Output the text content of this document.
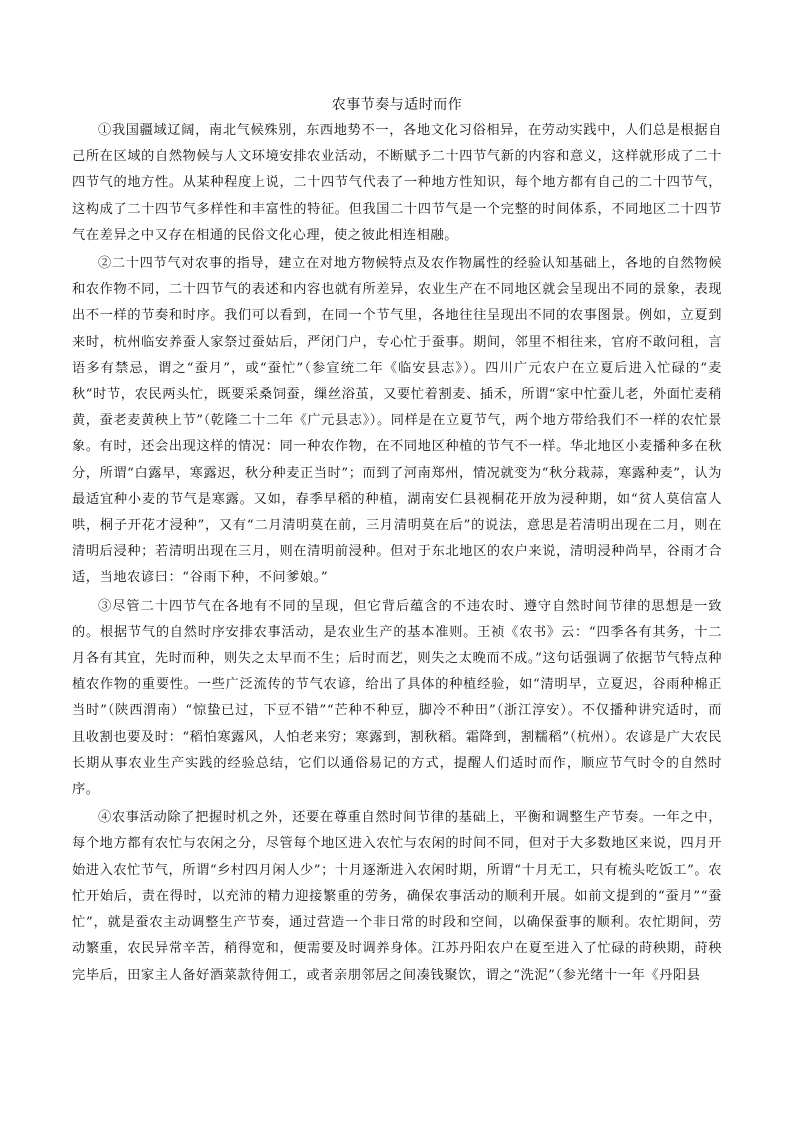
农事节奏与适时而作

①我国疆域辽阔，南北气候殊别，东西地势不一，各地文化习俗相异，在劳动实践中，人们总是根据自己所在区域的自然物候与人文环境安排农业活动，不断赋予二十四节气新的内容和意义，这样就形成了二十四节气的地方性。从某种程度上说，二十四节气代表了一种地方性知识，每个地方都有自己的二十四节气，这构成了二十四节气多样性和丰富性的特征。但我国二十四节气是一个完整的时间体系，不同地区二十四节气在差异之中又存在相通的民俗文化心理，使之彼此相连相融。

②二十四节气对农事的指导，建立在对地方物候特点及农作物属性的经验认知基础上，各地的自然物候和农作物不同，二十四节气的表述和内容也就有所差异，农业生产在不同地区就会呈现出不同的景象，表现出不一样的节奏和时序。我们可以看到，在同一个节气里，各地往往呈现出不同的农事图景。例如，立夏到来时，杭州临安养蚕人家祭过蚕姑后，严闭门户，专心忙于蚕事。期间，邻里不相往来，官府不敢问租，言语多有禁忌，谓之“蚕月”，或“蚕忙”（参宣统二年《临安县志》）。四川广元农户在立夏后进入忙碌的“麦秋”时节，农民两头忙，既要采桑饲蚕，缫丝浴茧，又要忙着割麦、插禾，所谓“家中忙蚕儿老，外面忙麦稍黄，蚕老麦黄秧上节”（乾隆二十二年《广元县志》）。同样是在立夏节气，两个地方带给我们不一样的农忙景象。有时，还会出现这样的情况：同一种农作物，在不同地区种植的节气不一样。华北地区小麦播种多在秋分，所谓“白露早，寒露迟，秋分种麦正当时”；而到了河南郑州，情况就变为“秋分栽蒜，寒露种麦”，认为最适宜种小麦的节气是寒露。又如，春季早稻的种植，湖南安仁县视桐花开放为浸种期，如“贫人莫信富人哄，桐子开花才浸种”，又有“二月清明莫在前，三月清明莫在后”的说法，意思是若清明出现在二月，则在清明后浸种；若清明出现在三月，则在清明前浸种。但对于东北地区的农户来说，清明浸种尚早，谷雨才合适，当地农谚曰：“谷雨下种，不问爹娘。”

③尽管二十四节气在各地有不同的呈现，但它背后蕴含的不违农时、遵守自然时间节律的思想是一致的。根据节气的自然时序安排农事活动，是农业生产的基本准则。王祯《农书》云：“四季各有其务，十二月各有其宜，先时而种，则失之太早而不生；后时而艺，则失之太晚而不成。”这句话强调了依据节气特点种植农作物的重要性。一些广泛流传的节气农谚，给出了具体的种植经验，如“清明早，立夏迟，谷雨种棉正当时”（陕西渭南）“惊蛰已过，下豆不错”“芒种不种豆，脚冷不种田”（浙江淳安）。不仅播种讲究适时，而且收割也要及时：“稻怕寒露风，人怕老来穷；寒露到，割秋稻。霜降到，割糯稻”（杭州）。农谚是广大农民长期从事农业生产实践的经验总结，它们以通俗易记的方式，提醒人们适时而作，顺应节气时令的自然时序。

④农事活动除了把握时机之外，还要在尊重自然时间节律的基础上，平衡和调整生产节奏。一年之中，每个地方都有农忙与农闲之分，尽管每个地区进入农忙与农闲的时间不同，但对于大多数地区来说，四月开始进入农忙节气，所谓“乡村四月闲人少”；十月逐渐进入农闲时期，所谓“十月无工，只有梳头吃饭工”。农忙开始后，责在得时，以充沛的精力迎接繁重的劳务，确保农事活动的顺利开展。如前文提到的“蚕月”“蚕忙”，就是蚕农主动调整生产节奏，通过营造一个非日常的时段和空间，以确保蚕事的顺利。农忙期间，劳动繁重，农民异常辛苦，稍得宽和，便需要及时调养身体。江苏丹阳农户在夏至进入了忙碌的莳秧期，莳秧完毕后，田家主人备好酒菜款待佣工，或者亲朋邻居之间凑钱聚饮，谓之“洗泥”（参光绪十一年《丹阳县
